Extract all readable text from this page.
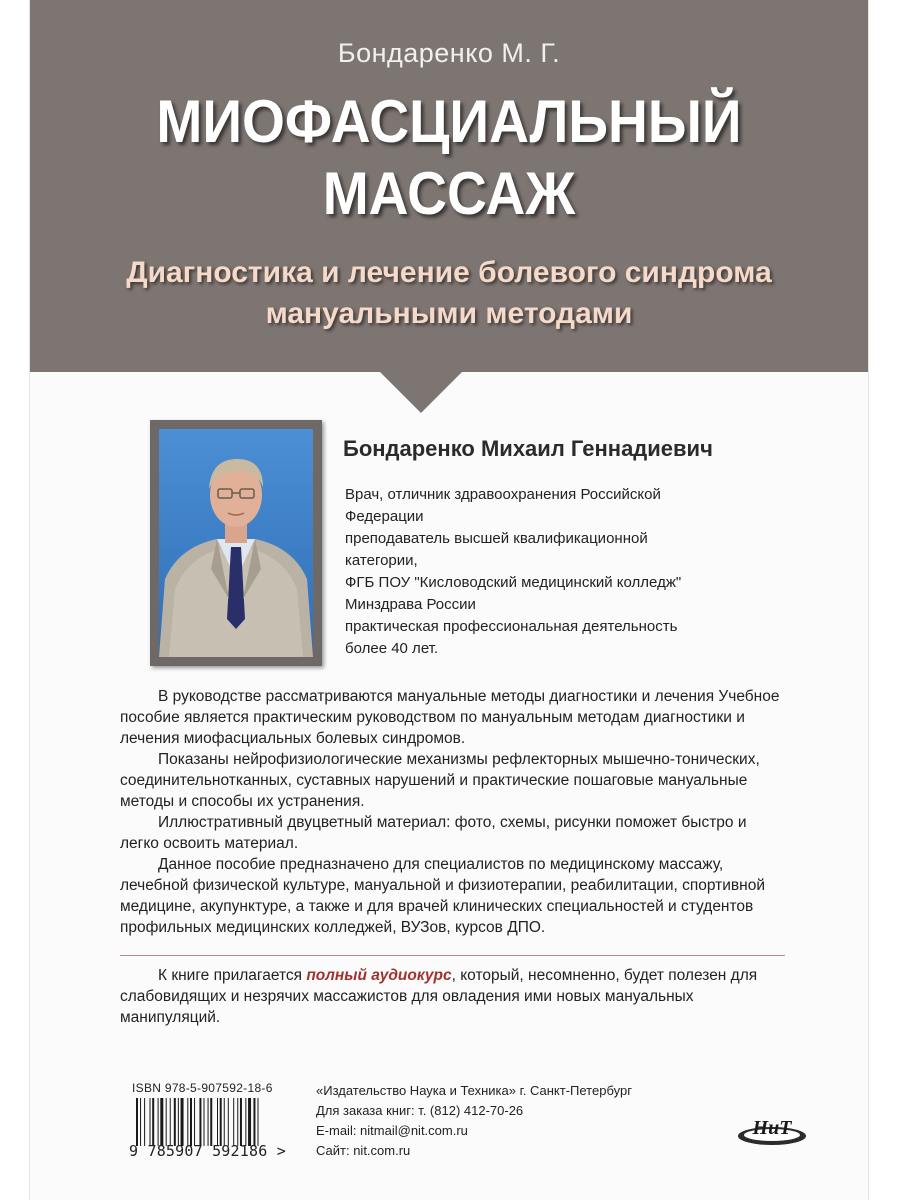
Бондаренко М. Г.
МИОФАСЦИАЛЬНЫЙ
МАССАЖ
Диагностика и лечение болевого синдрома
мануальными методами
Бондаренко Михаил Геннадиевич
Врач, отличник здравоохранения Российской
Федерации
преподаватель высшей квалификационной
категории,
ФГБ ПОУ "Кисловодский медицинский колледж"
Минздрава России
практическая профессиональная деятельность
более 40 лет.

В руководстве рассматриваются мануальные методы диагностики и лечения Учебное пособие является практическим руководством по мануальным методам диагностики и лечения миофасциальных болевых синдромов.

Показаны нейрофизиологические механизмы рефлекторных мышечно-тонических, соединительнотканных, суставных нарушений и практические пошаговые мануальные методы и способы их устранения.

Иллюстративный двуцветный материал: фото, схемы, рисунки поможет быстро и легко освоить материал.

Данное пособие предназначено для специалистов по медицинскому массажу, лечебной физической культуре, мануальной и физиотерапии, реабилитации, спортивной медицине, акупунктуре, а также и для врачей клинических специальностей и студентов профильных медицинских колледжей, ВУЗов, курсов ДПО.

К книге прилагается полный аудиокурс, который, несомненно, будет полезен для слабовидящих и незрячих массажистов для овладения ими новых мануальных манипуляций.

ISBN 978-5-907592-18-6
9 785907 592186 >
«Издательство Наука и Техника» г. Санкт-Петербург
Для заказа книг: т. (812) 412-70-26
E-mail: nitmail@nit.com.ru
Сайт: nit.com.ru
НиТ
